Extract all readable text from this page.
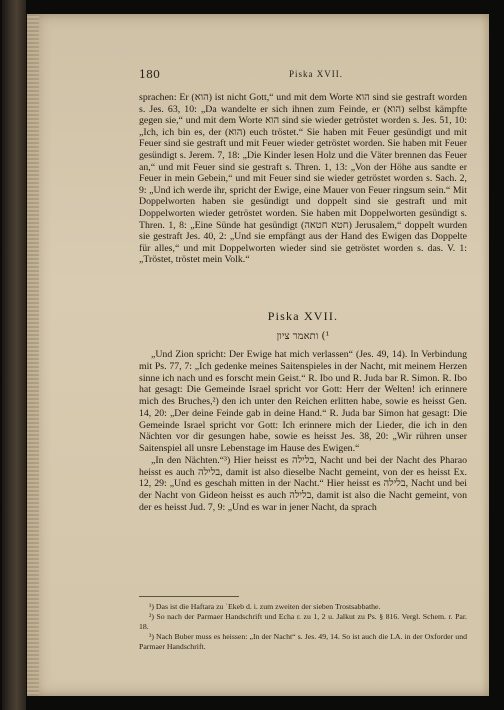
180	Piska XVII.

sprachen: Er (הוא) ist nicht Gott,“ und mit dem Worte הוא sind sie gestraft worden s. Jes. 63, 10: „Da wandelte er sich ihnen zum Feinde, er (הוא) selbst kämpfte gegen sie,“ und mit dem Worte הוא sind sie wieder getröstet worden s. Jes. 51, 10: „Ich, ich bin es, der (הוא) euch tröstet.“ Sie haben mit Feuer gesündigt und mit Feuer sind sie gestraft und mit Feuer wieder getröstet worden. Sie haben mit Feuer gesündigt s. Jerem. 7, 18: „Die Kinder lesen Holz und die Väter brennen das Feuer an,“ und mit Feuer sind sie gestraft s. Thren. 1, 13: „Von der Höhe aus sandte er Feuer in mein Gebein,“ und mit Feuer sind sie wieder getröstet worden s. Sach. 2, 9: „Und ich werde ihr, spricht der Ewige, eine Mauer von Feuer ringsum sein.“ Mit Doppelworten haben sie gesündigt und doppelt sind sie gestraft und mit Doppelworten wieder getröstet worden. Sie haben mit Doppelworten gesündigt s. Thren. 1, 8: „Eine Sünde hat gesündigt (חטא חטאה) Jerusalem,“ doppelt wurden sie gestraft Jes. 40, 2: „Und sie empfängt aus der Hand des Ewigen das Doppelte für alles,“ und mit Doppelworten wieder sind sie getröstet worden s. das. V. 1: „Tröstet, tröstet mein Volk.“

Piska XVII.
¹) ותאמר ציון

„Und Zion spricht: Der Ewige hat mich verlassen“ (Jes. 49, 14). In Verbindung mit Ps. 77, 7: „Ich gedenke meines Saitenspieles in der Nacht, mit meinem Herzen sinne ich nach und es forscht mein Geist.“ R. Ibo und R. Juda bar R. Simon. R. Ibo hat gesagt: Die Gemeinde Israel spricht vor Gott: Herr der Welten! ich erinnere mich des Bruches,²) den ich unter den Reichen erlitten habe, sowie es heisst Gen. 14, 20: „Der deine Feinde gab in deine Hand.“ R. Juda bar Simon hat gesagt: Die Gemeinde Israel spricht vor Gott: Ich erinnere mich der Lieder, die ich in den Nächten vor dir gesungen habe, sowie es heisst Jes. 38, 20: „Wir rühren unser Saitenspiel all unsre Lebenstage im Hause des Ewigen.“

„In den Nächten.“³) Hier heisst es בלילה, Nacht und bei der Nacht des Pharao heisst es auch בלילה, damit ist also dieselbe Nacht gemeint, von der es heisst Ex. 12, 29: „Und es geschah mitten in der Nacht.“ Hier heisst es בלילה, Nacht und bei der Nacht von Gideon heisst es auch בלילה, damit ist also die Nacht gemeint, von der es heisst Jud. 7, 9: „Und es war in jener Nacht, da sprach

¹) Das ist die Haftara zu ʿEkeb d. i. zum zweiten der sieben Trostsabbathe.

²) So nach der Parmaer Handschrift und Echa r. zu 1, 2 u. Jalkut zu Ps. § 816. Vergl. Schem. r. Par. 18.

³) Nach Buber muss es heissen: „In der Nacht“ s. Jes. 49, 14. So ist auch die LA. in der Oxforder und Parmaer Handschrift.
